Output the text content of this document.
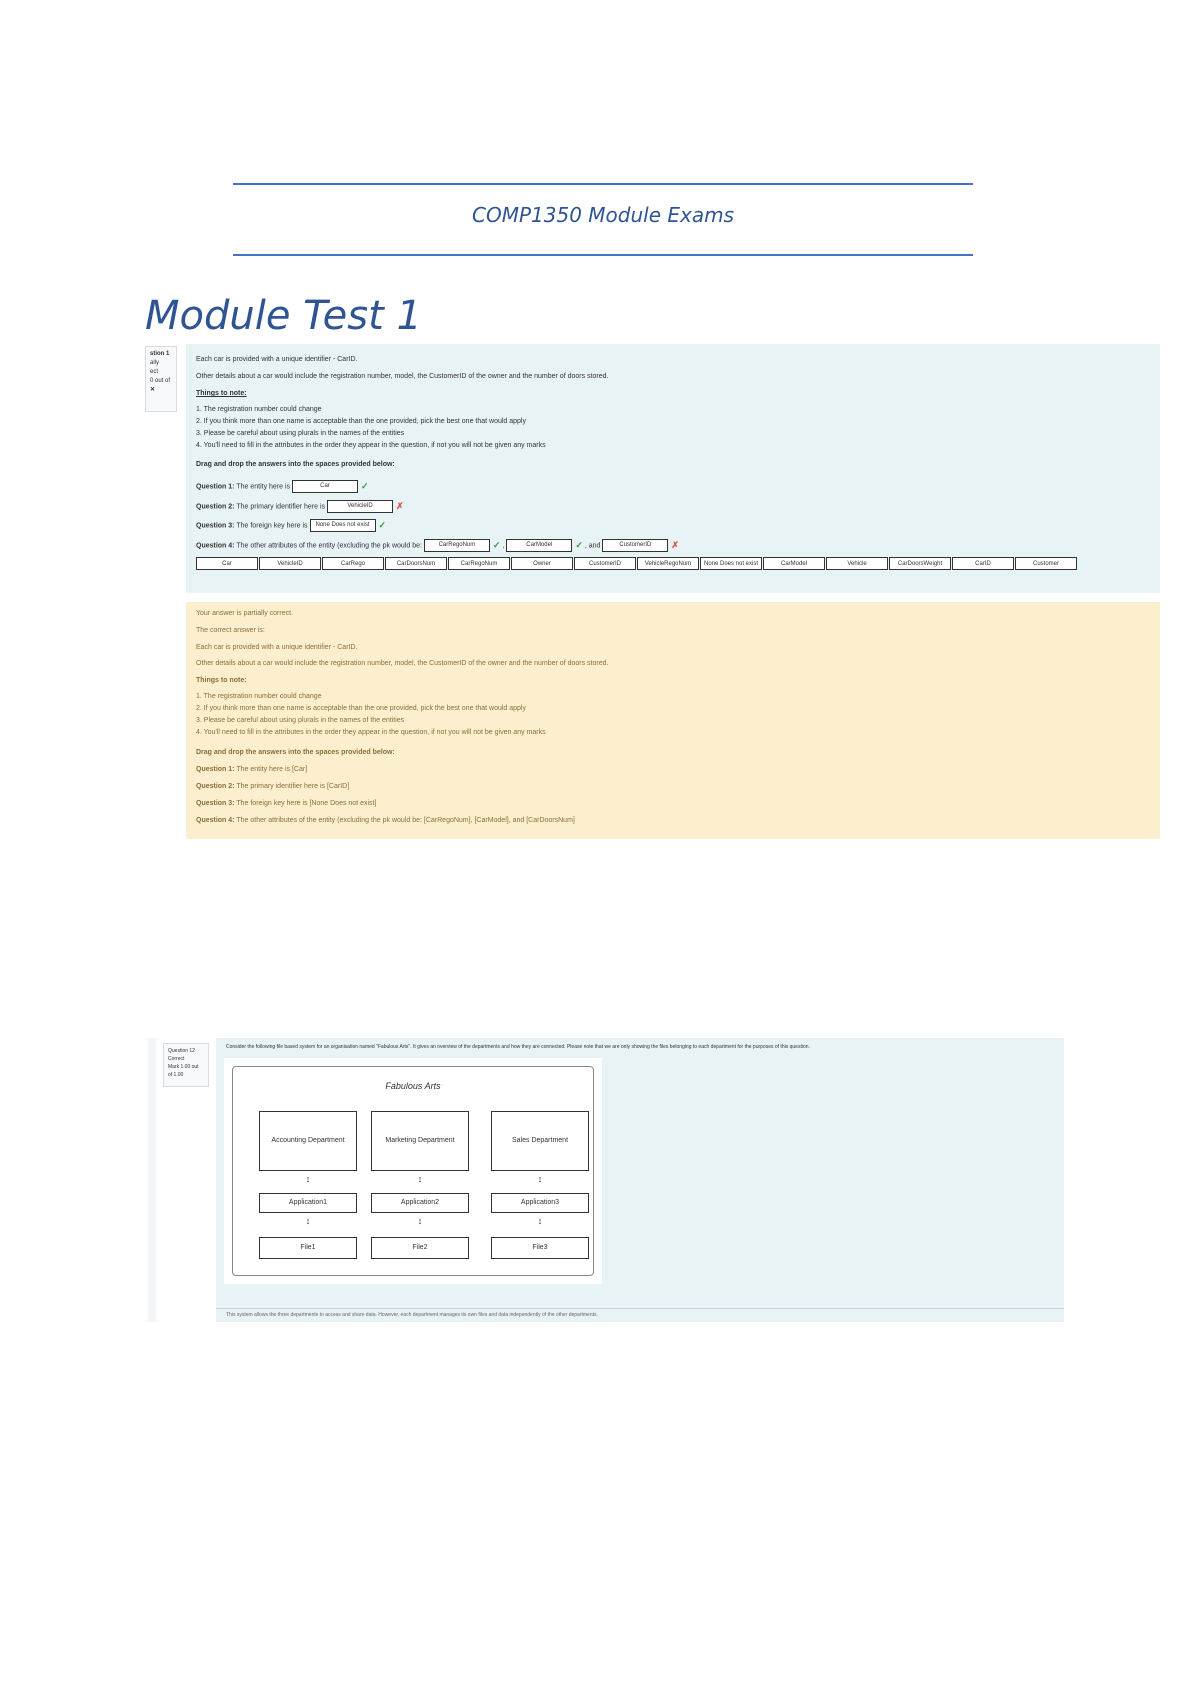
COMP1350 Module Exams
Module Test 1
stion 1
ally
ect
0 out of
✕
Each car is provided with a unique identifier - CarID.
Other details about a car would include the registration number, model, the CustomerID of the owner and the number of doors stored.
Things to note:
1. The registration number could change
2. If you think more than one name is acceptable than the one provided, pick the best one that would apply
3. Please be careful about using plurals in the names of the entities
4. You'll need to fill in the attributes in the order they appear in the question, if not you will not be given any marks
Drag and drop the answers into the spaces provided below:
Question 1: The entity here is	Car	✓
Question 2: The primary identifier here is	VehicleID	✗
Question 3: The foreign key here is None Does not exist ✓
Question 4: The other attributes of the entity (excluding the pk would be:	CarRegoNum ✓ ,	CarModel	✓ , and	CustomerID ✗
Car	VehicleID	CarRego	CarDoorsNum	CarRegoNum	Owner	CustomerID	VehicleRegoNum	None Does not exist	CarModel	Vehicle	CarDoorsWeight	CarID	Customer
Your answer is partially correct.
The correct answer is:
Each car is provided with a unique identifier - CarID.
Other details about a car would include the registration number, model, the CustomerID of the owner and the number of doors stored.
Things to note:
1. The registration number could change
2. If you think more than one name is acceptable than the one provided, pick the best one that would apply
3. Please be careful about using plurals in the names of the entities
4. You'll need to fill in the attributes in the order they appear in the question, if not you will not be given any marks
Drag and drop the answers into the spaces provided below:
Question 1: The entity here is [Car]
Question 2: The primary identifier here is [CarID]
Question 3: The foreign key here is [None Does not exist]
Question 4: The other attributes of the entity (excluding the pk would be: [CarRegoNum], [CarModel], and [CarDoorsNum]
Question 12
Correct
Mark 1.00 out
of 1.00
Consider the following file based system for an organisation named "Fabulous Arts". It gives an overview of the departments and how they are connected. Please note that we are only showing the files belonging to each department for the purposes of this question.
Fabulous Arts
Accounting Department	Marketing Department	Sales Department
↕	↕	↕
Application1	Application2	Application3
↕	↕	↕
File1	File2	File3
This system allows the three departments to access and share data. However, each department manages its own files and data independently of the other departments.
